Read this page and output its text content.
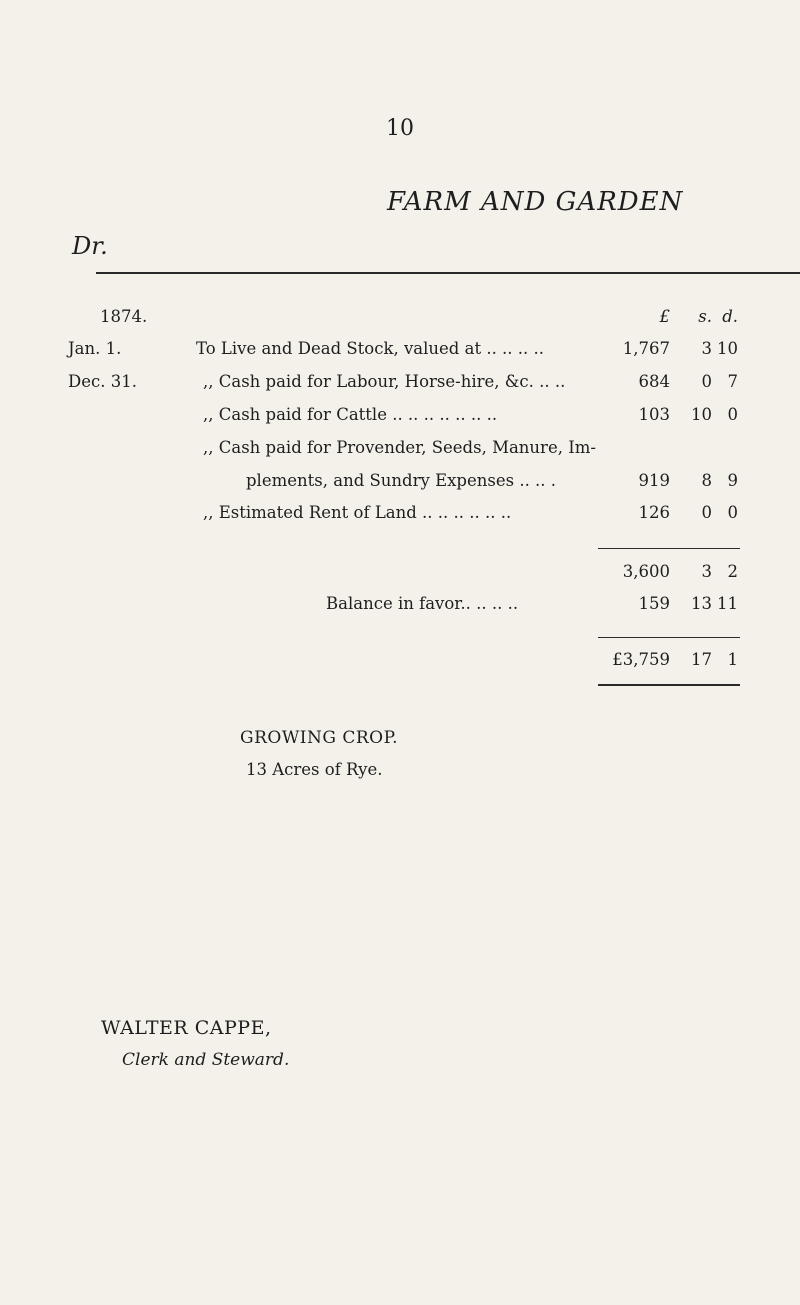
10
FARM AND GARDEN
Dr.
1874.	£	s. d.
Jan. 1.	To Live and Dead Stock, valued at .. .. .. ..	1,767	3 10
Dec. 31.	,, Cash paid for Labour, Horse-hire, &c. .. ..	684	0 7
,, Cash paid for Cattle .. .. .. .. .. .. ..	103	10 0
,, Cash paid for Provender, Seeds, Manure, Im-
plements, and Sundry Expenses .. .. .	919	8 9
,, Estimated Rent of Land .. .. .. .. .. ..	126	0 0
3,600	3 2
Balance in favor.. .. .. ..	159	13 11
£3,759	17 1
GROWING CROP.
13 Acres of Rye.
WALTER CAPPE,
Clerk and Steward.
